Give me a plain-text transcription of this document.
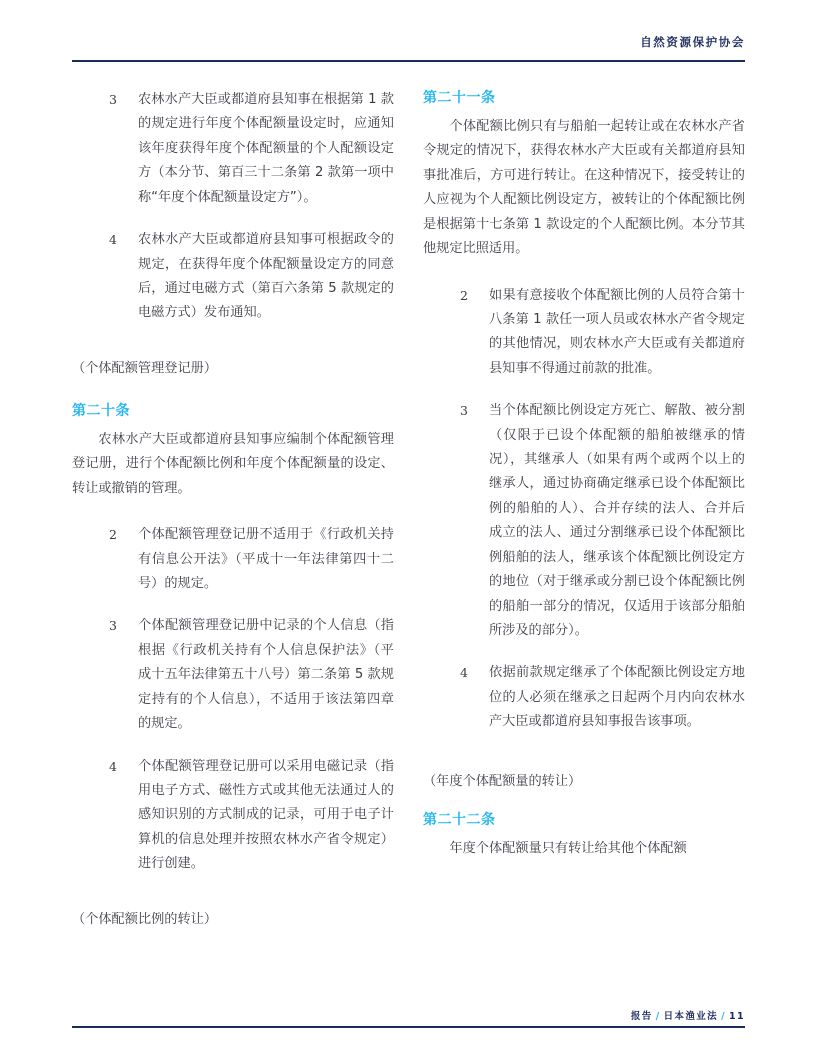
自然资源保护协会
3 农林水产大臣或都道府县知事在根据第 1 款的规定进行年度个体配额量设定时，应通知该年度获得年度个体配额量的个人配额设定方（本分节、第百三十二条第 2 款第一项中称“年度个体配额量设定方”）。
4 农林水产大臣或都道府县知事可根据政令的规定，在获得年度个体配额量设定方的同意后，通过电磁方式（第百六条第 5 款规定的电磁方式）发布通知。
（个体配额管理登记册）
第二十条
农林水产大臣或都道府县知事应编制个体配额管理登记册，进行个体配额比例和年度个体配额量的设定、转让或撤销的管理。
2 个体配额管理登记册不适用于《行政机关持有信息公开法》（平成十一年法律第四十二号）的规定。
3 个体配额管理登记册中记录的个人信息（指根据《行政机关持有个人信息保护法》（平成十五年法律第五十八号）第二条第 5 款规定持有的个人信息），不适用于该法第四章的规定。
4 个体配额管理登记册可以采用电磁记录（指用电子方式、磁性方式或其他无法通过人的感知识别的方式制成的记录，可用于电子计算机的信息处理并按照农林水产省令规定）进行创建。
（个体配额比例的转让）
第二十一条
个体配额比例只有与船舶一起转让或在农林水产省令规定的情况下，获得农林水产大臣或有关都道府县知事批准后，方可进行转让。在这种情况下，接受转让的人应视为个人配额比例设定方，被转让的个体配额比例是根据第十七条第 1 款设定的个人配额比例。本分节其他规定比照适用。
2 如果有意接收个体配额比例的人员符合第十八条第 1 款任一项人员或农林水产省令规定的其他情况，则农林水产大臣或有关都道府县知事不得通过前款的批准。
3 当个体配额比例设定方死亡、解散、被分割（仅限于已设个体配额的船舶被继承的情况），其继承人（如果有两个或两个以上的继承人，通过协商确定继承已设个体配额比例的船舶的人）、合并存续的法人、合并后成立的法人、通过分割继承已设个体配额比例船舶的法人，继承该个体配额比例设定方的地位（对于继承或分割已设个体配额比例的船舶一部分的情况，仅适用于该部分船舶所涉及的部分）。
4 依据前款规定继承了个体配额比例设定方地位的人必须在继承之日起两个月内向农林水产大臣或都道府县知事报告该事项。
（年度个体配额量的转让）
第二十二条
年度个体配额量只有转让给其他个体配额
报告 / 日本渔业法 / 11
